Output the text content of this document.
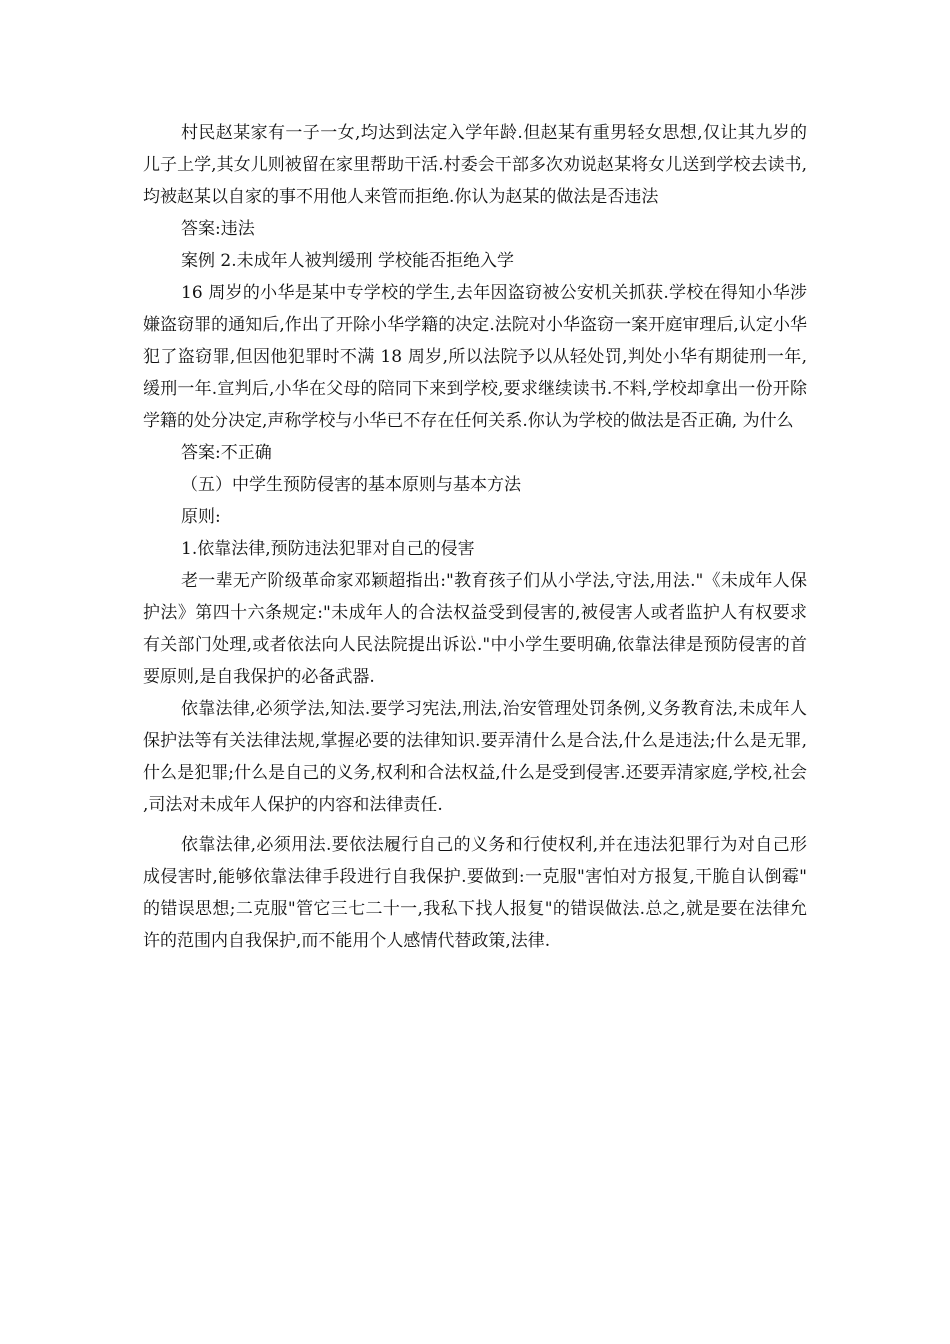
村民赵某家有一子一女,均达到法定入学年龄.但赵某有重男轻女思想,仅让其九岁的儿子上学,其女儿则被留在家里帮助干活.村委会干部多次劝说赵某将女儿送到学校去读书,均被赵某以自家的事不用他人来管而拒绝.你认为赵某的做法是否违法

答案:违法

案例 2.未成年人被判缓刑 学校能否拒绝入学

16 周岁的小华是某中专学校的学生,去年因盗窃被公安机关抓获.学校在得知小华涉嫌盗窃罪的通知后,作出了开除小华学籍的决定.法院对小华盗窃一案开庭审理后,认定小华犯了盗窃罪,但因他犯罪时不满 18 周岁,所以法院予以从轻处罚,判处小华有期徒刑一年,缓刑一年.宣判后,小华在父母的陪同下来到学校,要求继续读书.不料,学校却拿出一份开除学籍的处分决定,声称学校与小华已不存在任何关系.你认为学校的做法是否正确, 为什么

答案:不正确

（五）中学生预防侵害的基本原则与基本方法

原则:

1.依靠法律,预防违法犯罪对自己的侵害

老一辈无产阶级革命家邓颖超指出:"教育孩子们从小学法,守法,用法."《未成年人保护法》第四十六条规定:"未成年人的合法权益受到侵害的,被侵害人或者监护人有权要求有关部门处理,或者依法向人民法院提出诉讼."中小学生要明确,依靠法律是预防侵害的首要原则,是自我保护的必备武器.

依靠法律,必须学法,知法.要学习宪法,刑法,治安管理处罚条例,义务教育法,未成年人保护法等有关法律法规,掌握必要的法律知识.要弄清什么是合法,什么是违法;什么是无罪,什么是犯罪;什么是自己的义务,权利和合法权益,什么是受到侵害.还要弄清家庭,学校,社会,司法对未成年人保护的内容和法律责任.

依靠法律,必须用法.要依法履行自己的义务和行使权利,并在违法犯罪行为对自己形成侵害时,能够依靠法律手段进行自我保护.要做到:一克服"害怕对方报复,干脆自认倒霉"的错误思想;二克服"管它三七二十一,我私下找人报复"的错误做法.总之,就是要在法律允许的范围内自我保护,而不能用个人感情代替政策,法律.
